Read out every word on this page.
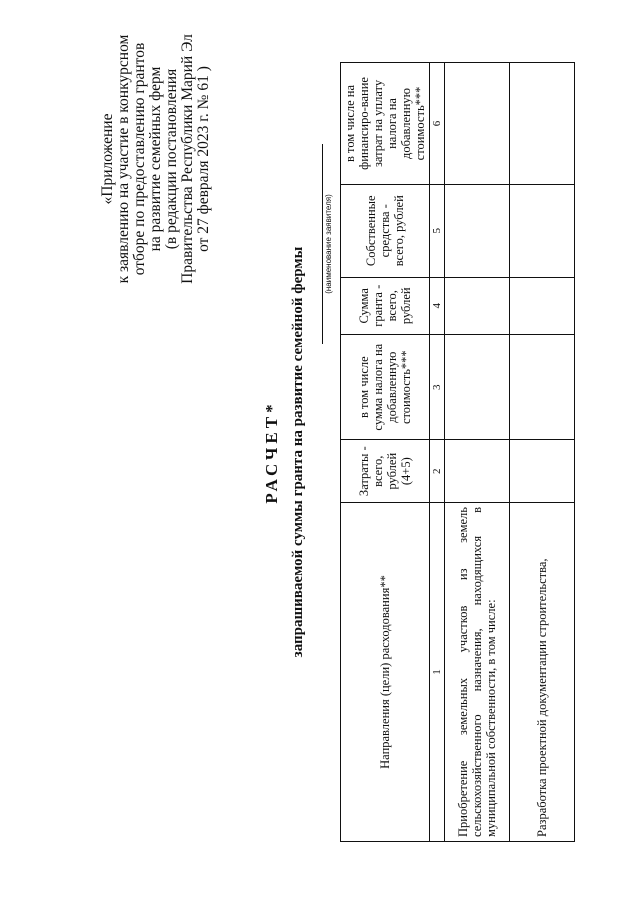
«Приложение к заявлению на участие в конкурсном отборе по предоставлению грантов на развитие семейных ферм (в редакции постановления Правительства Республики Марий Эл от 27 февраля 2023 г. № 61 )
РАСЧЕТ* запрашиваемой суммы гранта на развитие семейной фермы
(наименование заявителя)
Направления (цели) расходования**	Затраты - всего, рублей (4+5)	в том числе сумма налога на добавленную стоимость***	Сумма гранта - всего, рублей	Собственные средства - всего, рублей	в том числе на финансиро-вание затрат на уплату налога на добавленную стоимость***
1	2	3	4	5	6
Приобретение земельных участков из земель сельскохозяйственного назначения, находящихся в муниципальной собственности, в том числе:					
Разработка проектной документации строительства,					
